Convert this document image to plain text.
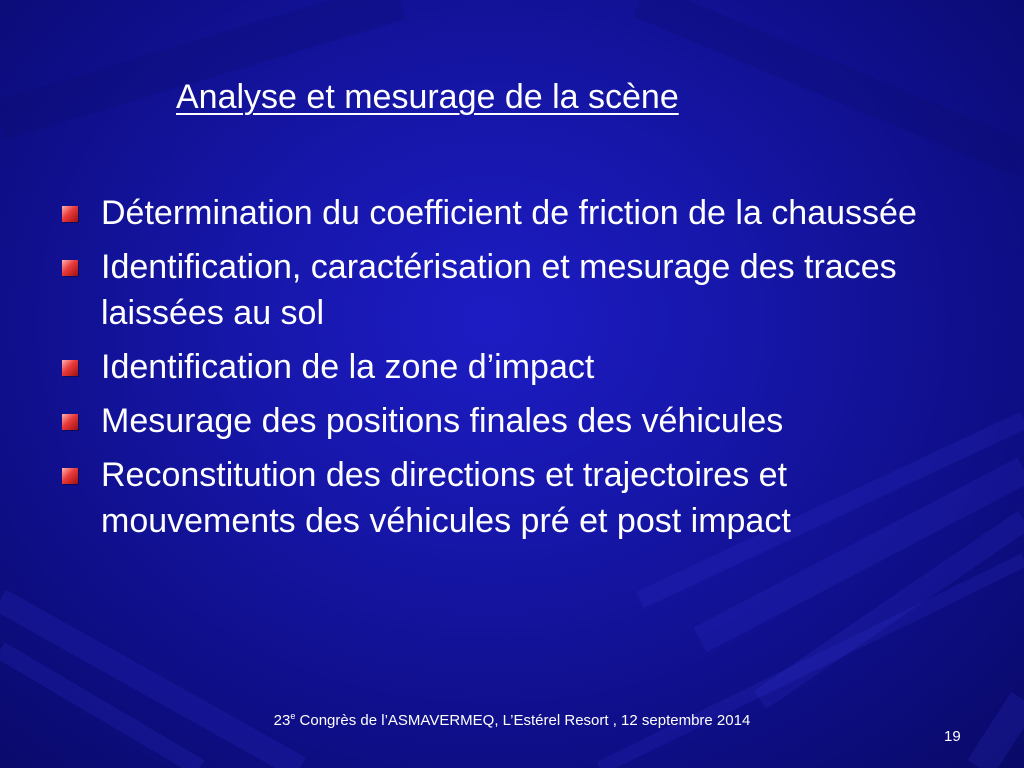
Analyse et mesurage de la scène
Détermination du coefficient de friction de la chaussée
Identification, caractérisation et mesurage des traces laissées au sol
Identification de la zone d’impact
Mesurage des positions finales des véhicules
Reconstitution des directions et trajectoires et mouvements des véhicules pré et post impact
23e Congrès de l’ASMAVERMEQ, L’Estérel Resort , 12 septembre 2014
19
